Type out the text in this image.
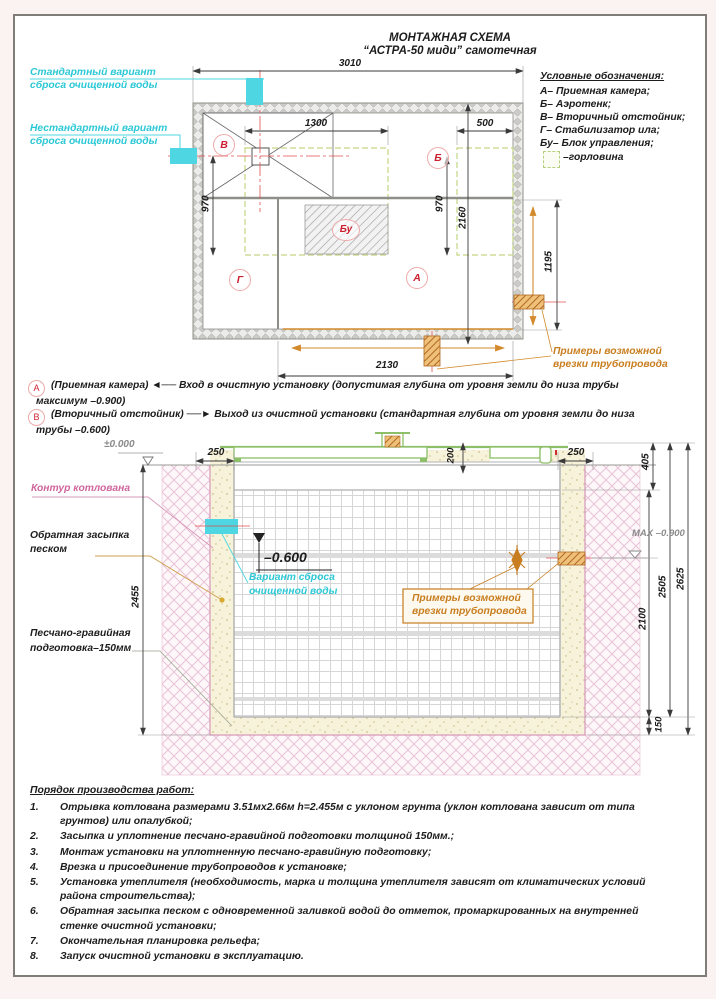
МОНТАЖНАЯ СХЕМА
“АСТРА-50 миди” самотечная
Условные обозначения:
А– Приемная камера;
Б– Аэротенк;
В– Вторичный отстойник;
Г– Стабилизатор ила;
Бу– Блок управления;
–горловина
Стандартный вариант
сброса очищенной воды
Нестандартный вариант
сброса очищенной воды
3010
1300	500
970	970
2160
1195
2130
В
Б
Бу
Г	А
Примеры возможной
врезки трубопровода
А	(Приемная камера) ◄── Вход в очистную установку (допустимая глубина от уровня земли до низа трубы
максимум –0.900)
В	(Вторичный отстойник) ──► Выход из очистной установки (стандартная глубина от уровня земли до низа
трубы –0.600)
±0.000
250	200	250
405
MAX –0.900
2455
Контур котлована
Обратная засыпка
песком
Песчано-гравийная
подготовка–150мм
–0.600
Вариант сброса
очищенной воды
Примеры возможной
врезки трубопровода	2100
2505 2625
150
Порядок производства работ:
1.	Отрывка котлована размерами 3.51мх2.66м h=2.455м с уклоном грунта (уклон котлована зависит от типа грунтов) или опалубкой;
2.	Засыпка и уплотнение песчано-гравийной подготовки толщиной 150мм.;
3.	Монтаж установки на уплотненную песчано-гравийную подготовку;
4.	Врезка и присоединение трубопроводов к установке;
5.	Установка утеплителя (необходимость, марка и толщина утеплителя зависят от климатических условий района строительства);
6.	Обратная засыпка песком с одновременной заливкой водой до отметок, промаркированных на внутренней стенке очистной установки;
7.	Окончательная планировка рельефа;
8.	Запуск очистной установки в эксплуатацию.
